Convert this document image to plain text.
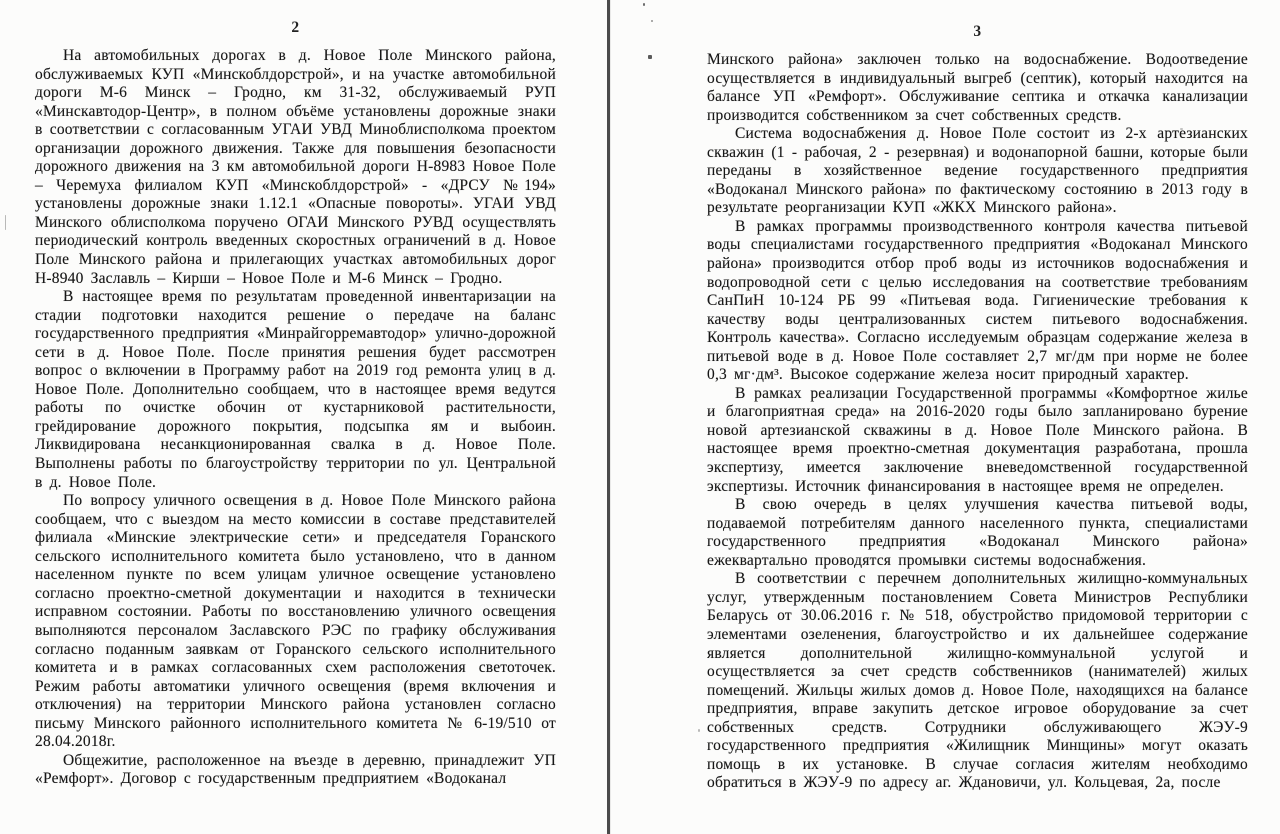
2

На автомобильных дорогах в д. Новое Поле Минского района, обслуживаемых КУП «Минскоблдорстрой», и на участке автомобильной дороги М-6 Минск – Гродно, км 31-32, обслуживаемый РУП «Минскавтодор-Центр», в полном объёме установлены дорожные знаки в соответствии с согласованным УГАИ УВД Миноблисполкома проектом организации дорожного движения. Также для повышения безопасности дорожного движения на 3 км автомобильной дороги Н-8983 Новое Поле – Черемуха филиалом КУП «Минскоблдорстрой» - «ДРСУ №194» установлены дорожные знаки 1.12.1 «Опасные повороты». УГАИ УВД Минского облисполкома поручено ОГАИ Минского РУВД осуществлять периодический контроль введенных скоростных ограничений в д. Новое Поле Минского района и прилегающих участках автомобильных дорог Н-8940 Заславль – Кирши – Новое Поле и М-6 Минск – Гродно.

В настоящее время по результатам проведенной инвентаризации на стадии подготовки находится решение о передаче на баланс государственного предприятия «Минрайгорремавтодор» улично-дорожной сети в д. Новое Поле. После принятия решения будет рассмотрен вопрос о включении в Программу работ на 2019 год ремонта улиц в д. Новое Поле. Дополнительно сообщаем, что в настоящее время ведутся работы по очистке обочин от кустарниковой растительности, грейдирование дорожного покрытия, подсыпка ям и выбоин. Ликвидирована несанкционированная свалка в д. Новое Поле. Выполнены работы по благоустройству территории по ул. Центральной в д. Новое Поле.

По вопросу уличного освещения в д. Новое Поле Минского района сообщаем, что с выездом на место комиссии в составе представителей филиала «Минские электрические сети» и председателя Горанского сельского исполнительного комитета было установлено, что в данном населенном пункте по всем улицам уличное освещение установлено согласно проектно-сметной документации и находится в технически исправном состоянии. Работы по восстановлению уличного освещения выполняются персоналом Заславского РЭС по графику обслуживания согласно поданным заявкам от Горанского сельского исполнительного комитета и в рамках согласованных схем расположения светоточек. Режим работы автоматики уличного освещения (время включения и отключения) на территории Минского района установлен согласно письму Минского районного исполнительного комитета № 6-19/510 от 28.04.2018г.

Общежитие, расположенное на въезде в деревню, принадлежит УП «Ремфорт». Договор с государственным предприятием «Водоканал

3

Минского района» заключен только на водоснабжение. Водоотведение осуществляется в индивидуальный выгреб (септик), который находится на балансе УП «Ремфорт». Обслуживание септика и откачка канализации производится собственником за счет собственных средств.

Система водоснабжения д. Новое Поле состоит из 2-х артезианских скважин (1 - рабочая, 2 - резервная) и водонапорной башни, которые были переданы в хозяйственное ведение государственного предприятия «Водоканал Минского района» по фактическому состоянию в 2013 году в результате реорганизации КУП «ЖКХ Минского района».

В рамках программы производственного контроля качества питьевой воды специалистами государственного предприятия «Водоканал Минского района» производится отбор проб воды из источников водоснабжения и водопроводной сети с целью исследования на соответствие требованиям СанПиН 10-124 РБ 99 «Питьевая вода. Гигиенические требования к качеству воды централизованных систем питьевого водоснабжения. Контроль качества». Согласно исследуемым образцам содержание железа в питьевой воде в д. Новое Поле составляет 2,7 мг/дм при норме не более 0,3 мг·дм³. Высокое содержание железа носит природный характер.

В рамках реализации Государственной программы «Комфортное жилье и благоприятная среда» на 2016-2020 годы было запланировано бурение новой артезианской скважины в д. Новое Поле Минского района. В настоящее время проектно-сметная документация разработана, прошла экспертизу, имеется заключение вневедомственной государственной экспертизы. Источник финансирования в настоящее время не определен.

В свою очередь в целях улучшения качества питьевой воды, подаваемой потребителям данного населенного пункта, специалистами государственного предприятия «Водоканал Минского района» ежеквартально проводятся промывки системы водоснабжения.

В соответствии с перечнем дополнительных жилищно-коммунальных услуг, утвержденным постановлением Совета Министров Республики Беларусь от 30.06.2016 г. № 518, обустройство придомовой территории с элементами озеленения, благоустройство и их дальнейшее содержание является дополнительной жилищно-коммунальной услугой и осуществляется за счет средств собственников (нанимателей) жилых помещений. Жильцы жилых домов д. Новое Поле, находящихся на балансе предприятия, вправе закупить детское игровое оборудование за счет собственных средств. Сотрудники обслуживающего ЖЭУ-9 государственного предприятия «Жилищник Минщины» могут оказать помощь в их установке. В случае согласия жителям необходимо обратиться в ЖЭУ-9 по адресу аг. Ждановичи, ул. Кольцевая, 2а, после
